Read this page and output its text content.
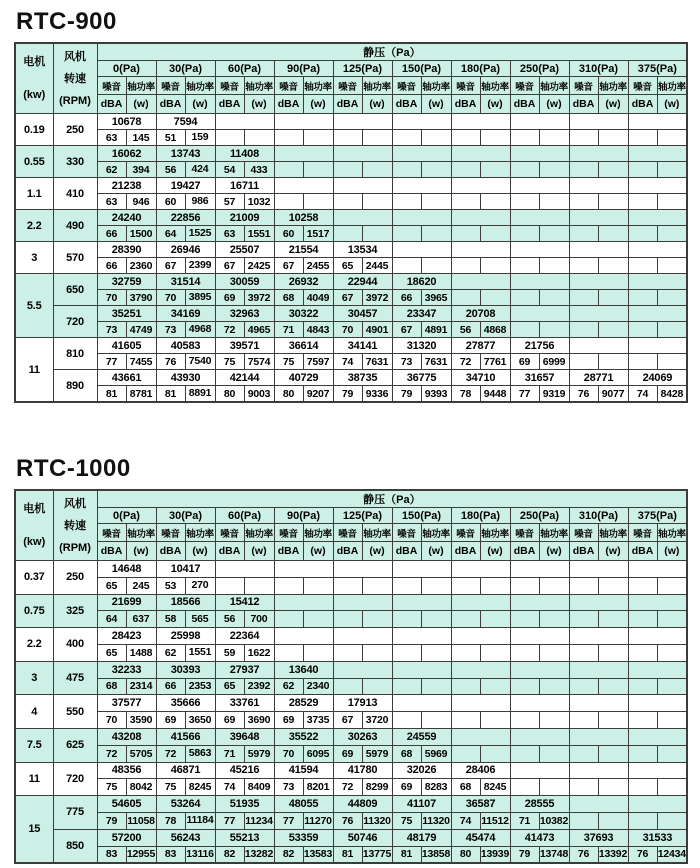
RTC-900
电机
(kw)

风机
转速
(RPM)
	静压（Pa）
		0(Pa)		30(Pa)		60(Pa)		90(Pa)		125(Pa)		150(Pa)		180(Pa)		250(Pa)		310(Pa)		375(Pa)	
		噪音	轴功率	噪音	轴功率	噪音	轴功率	噪音	轴功率	噪音	轴功率	噪音	轴功率	噪音	轴功率	噪音	轴功率	噪音	轴功率	噪音	轴功率
		dBA	(w)	dBA	(w)	dBA	(w)	dBA	(w)	dBA	(w)	dBA	(w)	dBA	(w)	dBA	(w)	dBA	(w)	dBA	(w)
0.19	250	10678		7594																	
		63	145	51	159																
0.55	330	16062		13743		11408															
		62	394	56	424	54	433														
1.1	410	21238		19427		16711															
		63	946	60	986	57	1032														
2.2	490	24240		22856		21009		10258													
		66	1500	64	1525	63	1551	60	1517												
3	570	28390		26946		25507		21554		13534											
		66	2360	67	2399	67	2425	67	2455	65	2445										
5.5	650	32759		31514		30059		26932		22944		18620									
		70	3790	70	3895	69	3972	68	4049	67	3972	66	3965								
	720	35251		34169		32963		30322		30457		23347		20708							
		73	4749	73	4968	72	4965	71	4843	70	4901	67	4891	56	4868						
11	810	41605		40583		39571		36614		34141		31320		27877		21756					
		77	7455	76	7540	75	7574	75	7597	74	7631	73	7631	72	7761	69	6999				
	890	43661		43930		42144		40729		38735		36775		34710		31657		28771		24069	
		81	8781	81	8891	80	9003	80	9207	79	9336	79	9393	78	9448	77	9319	76	9077	74	8428
RTC-1000
电机
(kw)

风机
转速
(RPM)
	静压（Pa）
		0(Pa)		30(Pa)		60(Pa)		90(Pa)		125(Pa)		150(Pa)		180(Pa)		250(Pa)		310(Pa)		375(Pa)	
		噪音	轴功率	噪音	轴功率	噪音	轴功率	噪音	轴功率	噪音	轴功率	噪音	轴功率	噪音	轴功率	噪音	轴功率	噪音	轴功率	噪音	轴功率
		dBA	(w)	dBA	(w)	dBA	(w)	dBA	(w)	dBA	(w)	dBA	(w)	dBA	(w)	dBA	(w)	dBA	(w)	dBA	(w)
0.37	250	14648		10417																	
		65	245	53	270																
0.75	325	21699		18566		15412															
		64	637	58	565	56	700														
2.2	400	28423		25998		22364															
		65	1488	62	1551	59	1622														
3	475	32233		30393		27937		13640													
		68	2314	66	2353	65	2392	62	2340												
4	550	37577		35666		33761		28529		17913											
		70	3590	69	3650	69	3690	69	3735	67	3720										
7.5	625	43208		41566		39648		35522		30263		24559									
		72	5705	72	5863	71	5979	70	6095	69	5979	68	5969								
11	720	48356		46871		45216		41594		41780		32026		28406							
		75	8042	75	8245	74	8409	73	8201	72	8299	69	8283	68	8245						
15	775	54605		53264		51935		48055		44809		41107		36587		28555					
		79	11058	78	11184	77	11234	77	11270	76	11320	75	11320	74	11512	71	10382				
	850	57200		56243		55213		53359		50746		48179		45474		41473		37693		31533	
		83	12955	83	13116	82	13282	82	13583	81	13775	81	13858	80	13939	79	13748	76	13392	76	12434
